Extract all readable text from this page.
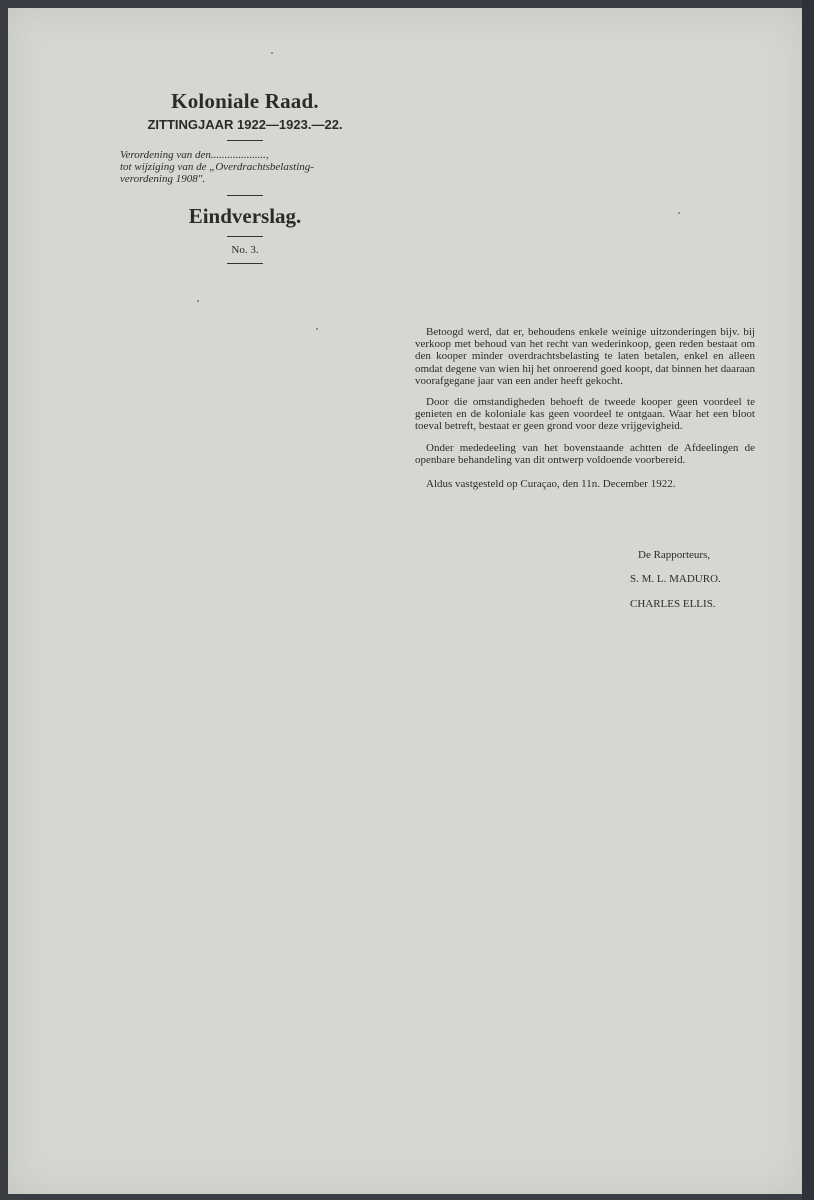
Koloniale Raad.
ZITTINGJAAR 1922—1923.—22.
Verordening van den....................,
tot wijziging van de „Overdrachtsbelasting-
verordening 1908".
Eindverslag.
No. 3.

Betoogd werd, dat er, behoudens enkele weinige uitzonderingen bijv. bij verkoop met behoud van het recht van wederinkoop, geen reden bestaat om den kooper minder overdrachtsbelasting te laten betalen, enkel en alleen omdat degene van wien hij het onroerend goed koopt, dat binnen het daaraan voorafgegane jaar van een ander heeft gekocht.

Door die omstandigheden behoeft de tweede kooper geen voordeel te genieten en de koloniale kas geen voordeel te ontgaan. Waar het een bloot toeval betreft, bestaat er geen grond voor deze vrijgevigheid.

Onder mededeeling van het bovenstaande achtten de Afdeelingen de openbare behandeling van dit ontwerp voldoende voorbereid.

Aldus vastgesteld op Curaçao, den 11n. December 1922.

De Rapporteurs,
S. M. L. MADURO.
CHARLES ELLIS.
